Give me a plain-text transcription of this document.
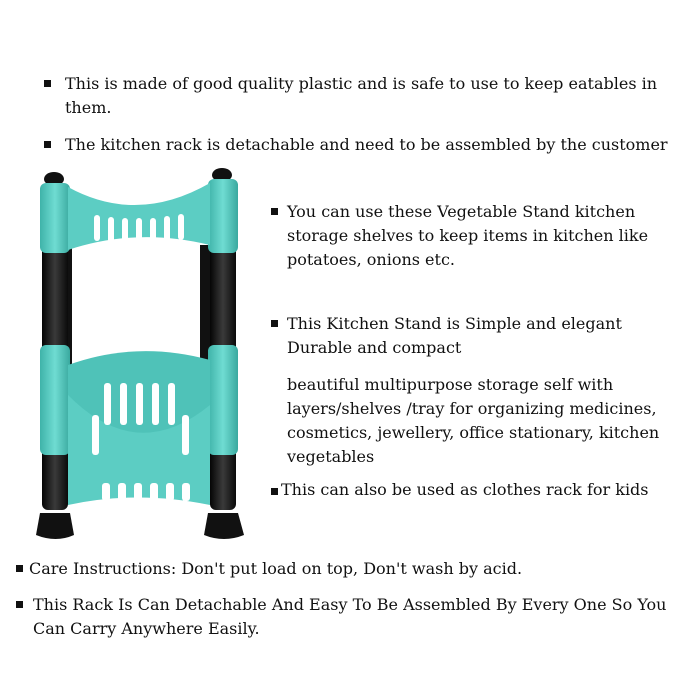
This is made of good quality plastic and is safe to use to keep eatables in them.

The kitchen rack is detachable and need to be assembled by the customer

You can use these Vegetable Stand kitchen storage shelves to keep items in kitchen like potatoes, onions etc.

This Kitchen Stand is Simple and elegant Durable and compact

beautiful multipurpose storage self with layers/shelves /tray for organizing medicines, cosmetics, jewellery, office stationary, kitchen vegetables

This can also be used as clothes rack for kids

Care Instructions: Don't put load on top, Don't wash by acid.

This Rack Is Can Detachable And Easy To Be Assembled By Every One So You Can Carry Anywhere Easily.
